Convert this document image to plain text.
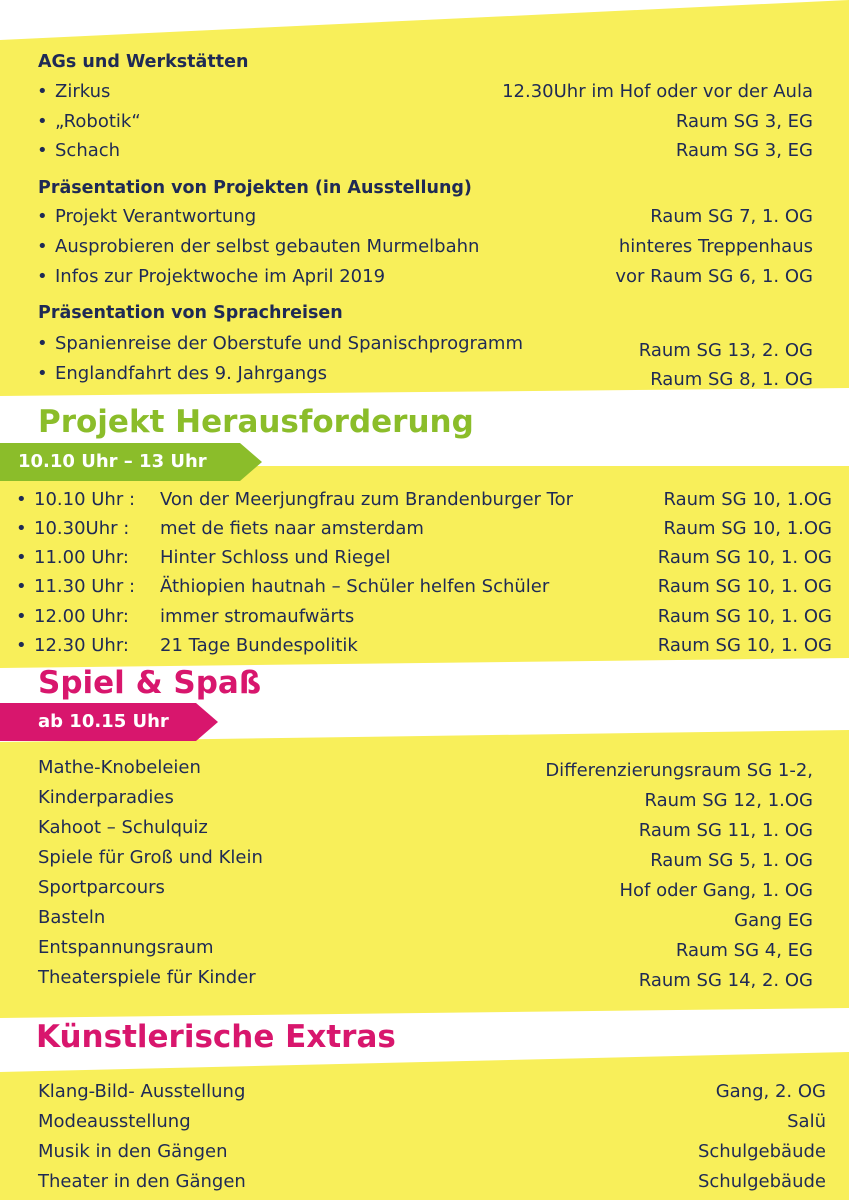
AGs und Werkstätten
• Zirkus	12.30Uhr im Hof oder vor der Aula
• „Robotik“	Raum SG 3, EG
• Schach	Raum SG 3, EG
Präsentation von Projekten (in Ausstellung)
• Projekt Verantwortung	Raum SG 7, 1. OG
• Ausprobieren der selbst gebauten Murmelbahn	hinteres Treppenhaus
• Infos zur Projektwoche im April 2019	vor Raum SG 6, 1. OG
Präsentation von Sprachreisen
• Spanienreise der Oberstufe und Spanischprogramm	Raum SG 13, 2. OG
• Englandfahrt des 9. Jahrgangs	Raum SG 8, 1. OG
Projekt Herausforderung
10.10 Uhr – 13 Uhr
• 10.10 Uhr : Von der Meerjungfrau zum Brandenburger Tor	Raum SG 10, 1.OG
• 10.30Uhr : met de fiets naar amsterdam	Raum SG 10, 1.OG
• 11.00 Uhr: Hinter Schloss und Riegel	Raum SG 10, 1. OG
• 11.30 Uhr : Äthiopien hautnah – Schüler helfen Schüler	Raum SG 10, 1. OG
• 12.00 Uhr: immer stromaufwärts	Raum SG 10, 1. OG
• 12.30 Uhr: 21 Tage Bundespolitik	Raum SG 10, 1. OG
Spiel & Spaß
ab 10.15 Uhr
Mathe-Knobeleien	Differenzierungsraum SG 1-2,
Kinderparadies	Raum SG 12, 1.OG
Kahoot – Schulquiz	Raum SG 11, 1. OG
Spiele für Groß und Klein	Raum SG 5, 1. OG
Sportparcours	Hof oder Gang, 1. OG
Basteln	Gang EG
Entspannungsraum	Raum SG 4, EG
Theaterspiele für Kinder	Raum SG 14, 2. OG
Künstlerische Extras
Klang-Bild- Ausstellung	Gang, 2. OG
Modeausstellung	Salü
Musik in den Gängen	Schulgebäude
Theater in den Gängen	Schulgebäude
